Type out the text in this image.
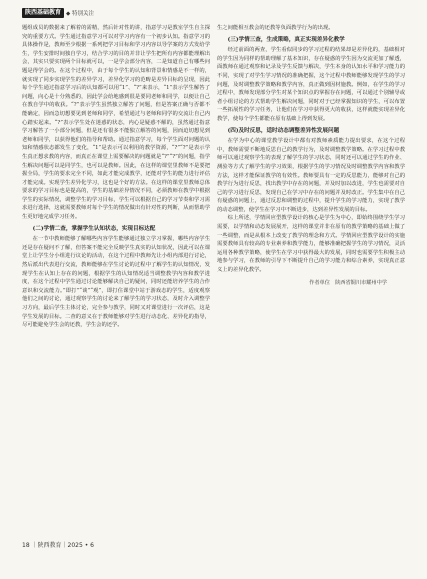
陕西基础教育 ◆ 特别关注

题组成员的数据来了解着的需精，然后针对性的讲，指意学习是教室学生自主探究的重要方式。学生通过指意学习可以对学习内容有一个初步认知。指意学习的具体操作是，教师至少根据一系列把学习目标和学习内容以导学案的方式发给学生，学生安排时间独自学习，结合学习的目的并非让学生把所有内容都能理解出会，其实只要实现两个目标就可以，一是学会部分内容，二是知道自己有哪些问题是得学会的。在这个过程中，由于每个学生的认知和背景和情感是不一样的，就实现了同步实现学生的差异学习，差异化学习的范畴是差异目标的呈现，因此每个学生通过指意学习后的认知都可以用“1”、“?”来表示，“1”表示学生解答了问题，向心是十分熟悉的，因此学会给地感到很是要同老师和同学，以便让自己在教自学中的收获。“?”表示学生虽然独立解答了问题，但是答案正确与否都不能确定，因而急切想要见到老师和同学，希望通过与老师和同学的交流让自己内心踏实起来。“?”表示学生处在迷惑的状态，内心是疑惑不解的，虽然通过指意学习解答了一小部分问题，但是还有很多不能独立解答的问题，因而迫切想见到老师和同学，以获得他们的指导和帮助。通过指意学习，每个学生面对问题的认知和情感状态都发生了变化，“1”是表示可以利用的教学资源，“?”“?”是表示学生真正想求教的内容，而真正在课堂上需要解决的问题就是“?”“?”的问题，指学生解决问题可以是同学生，也可以是教师。因此，在这样的课堂里教师不是要把握全局，学生的要求完全不同，如此才能完成教学，还能对学生的能力进行评估才能完成。实现学生差异化学习，这也是个好的方法。在这样的课堂里教师总体要求的学习目标也是提高的，学生的基础差异情况不同，必须教师在教学中根据学生的实际情况，调整学生的学习目标，学生可以根据自己的学习节奏和学习需求进行选择，这就需要教师对每个学生的情况做出有针对性的判断，从而帮助学生更好地完成学习任务。

(二)学情二查，掌握学生认知状态，实现目标达配

在一节中教师能够了解哪些内容学生能够通过独立学习掌握，哪些内容学生还是存在疑问不了解，但答案不能完全反映学生真实的认知状况，因此可以在课堂上让学生分小组进行议论的活动，在这个过程中教师先让小组内部进行讨论，然后派出代表进行交流，教师能够在学生讨论的过程中了解学生的认知情况，发现学生在认知上存在的问题，根据学生的认知情况适当调整教学内容和教学进度，在这个过程中学生通过讨论能够解决自己的疑问，同时还能培养学生的合作意识和交流能力。”即打”“谈”“观”，即打住课堂中站于游戏态的学生，适度观察他们之间的讨论，通过观察学生的讨论来了解学生的学习状态，及时介入调整学习方向，最后学生主体讨论，完全参与教学，同时又对课堂进行一次评估，这是学生发展的目标。二查的意义在于教师能够对学生进行动态化、差异化的指导，尽可能避免学生会的还教，学生会的还学。

生之间能相互教会的还教等负面教学行为的出现。

(三)学情三查，生成策略，真正实现差异化教学

经过前面的两查，学生看似同步的学习过程的结果却是差异化的，基础相对的学生因为同样的帮助理解了基本知识，存在疑惑的学生因为交流更加了解透，面教师在通过观察和记录及学生反馈与解决，学生本身的认知水平和学习能力的不同，实现了对学生学习情况的准确把握，这个过程中教师能够发现学生的学习问题，及时调整教学策略和教学内容，真正做到因材施教。例如，在学生的学习过程中，教师发现部分学生对某个知识点的掌握存在问题，可以通过个别辅导或者小组讨论的方式帮助学生解决问题，同时对于已经掌握知识的学生，可以布置一些拓展性的学习任务，让他们在学习中获得更大的收获，这样就能实现差异化教学，使每个学生都能在原有基础上得到发展。

(四)及时反思，适时动态调整差异性发展问题

在学为中心的课堂教学设计中都有对教师素质能力提出要求，在这个过程中，教师需要不断地反思自己的教学行为，及时调整教学策略。在学习过程中教师可以通过观察学生的表现了解学生的学习状态，同时还可以通过学生的作业、测验等方式了解学生的学习效果，根据学生的学习情况及时调整教学内容和教学方法，这样才能保证教学的有效性。教师要具有一定的反思能力，能够对自己的教学行为进行反思，找出教学中存在的问题，并及时加以改进，学生也需要对自己的学习进行反思，发现自己在学习中存在的问题并及时改正。学生集中在自己有疑惑的问题上，通过反思和调整的过程中，提升学生的学习能力，实现了教学的动态调整，使学生在学习中不断进步，达到差异性发展的目标。

综上所述，学情回应型教学设计的核心是学生为中心，即始终围绕学生学习需要，以学情和动态发展展开，这样的课堂并非在原有的教学策略的基础上做了一些调整，而是从根本上改变了教学的理念和方式。学情回应型教学设计的实施需要教师具有较高的专业素养和教学能力，能够准确把握学生的学习情况，灵活运用各种教学策略，使学生在学习中获得最大的发展，同时也需要学生积极主动地参与学习，在教师的引导下不断提升自己的学习能力和综合素养，实现真正意义上的差异化教学。

作者单位　陕西省铜川市耀州中学
18 ｜陕西教育｜2025 • 6
